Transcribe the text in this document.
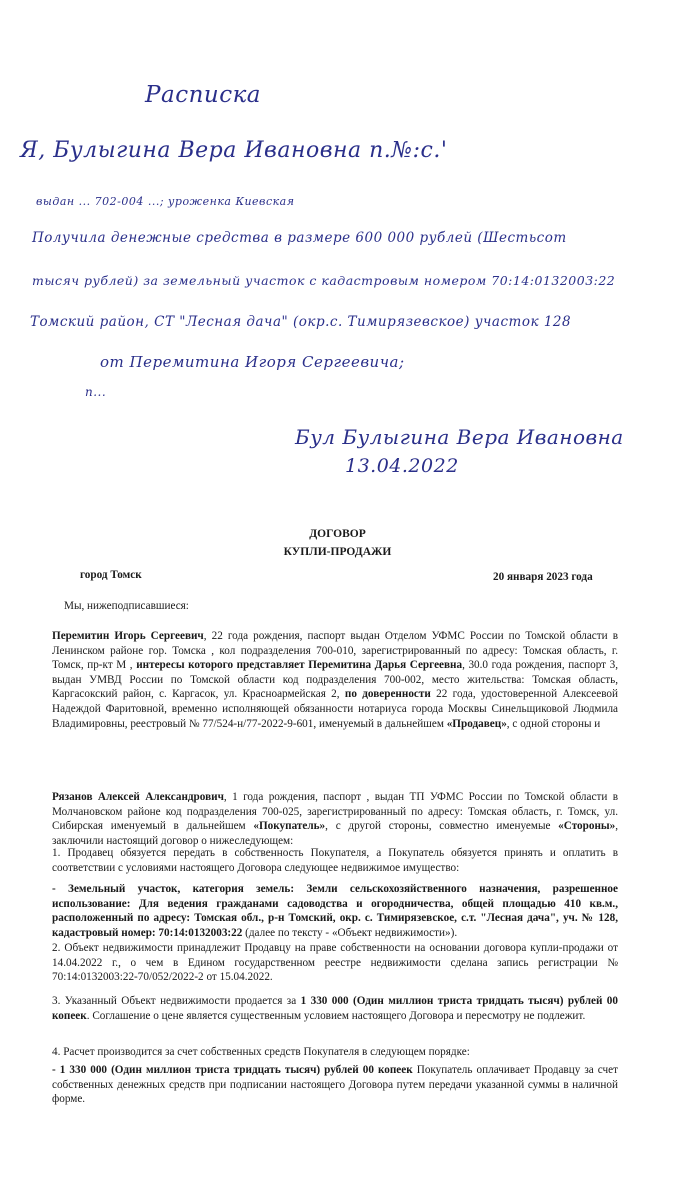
Расписка
Я, Булыгина Вера Ивановна п.№:с.'
выдан ... 702-004 ...; уроженка Киевская
Получила денежные средства в размере 600 000 рублей (Шестьсот
тысяч рублей) за земельный участок с кадастровым номером 70:14:0132003:22
Томский район, СТ "Лесная дача" (окр.с. Тимирязевское) участок 128
от Перемитина Игоря Сергеевича;
п...
Бул Булыгина Вера Ивановна
13.04.2022
ДОГОВОР
КУПЛИ-ПРОДАЖИ
город Томск	20 января 2023 года
Мы, нижеподписавшиеся:
Перемитин Игорь Сергеевич, 22 года рождения, паспорт выдан Отделом УФМС России по Томской области в Ленинском районе гор. Томска , кол подразделения 700-010, зарегистрированный по адресу: Томская область, г. Томск, пр-кт М , интересы которого представляет Перемитина Дарья Сергеевна, 30.0 года рождения, паспорт 3, выдан УМВД России по Томской области код подразделения 700-002, место жительства: Томская область, Каргасокский район, с. Каргасок, ул. Красноармейская 2, по доверенности 22 года, удостоверенной Алексеевой Надеждой Фаритовной, временно исполняющей обязанности нотариуса города Москвы Синельщиковой Людмила Владимировны, реестровый № 77/524-н/77-2022-9-601, именуемый в дальнейшем «Продавец», с одной стороны и
Рязанов Алексей Александрович, 1 года рождения, паспорт , выдан ТП УФМС России по Томской области в Молчановском районе код подразделения 700-025, зарегистрированный по адресу: Томская область, г. Томск, ул. Сибирская именуемый в дальнейшем «Покупатель», с другой стороны, совместно именуемые «Стороны», заключили настоящий договор о нижеследующем:
1. Продавец обязуется передать в собственность Покупателя, а Покупатель обязуется принять и оплатить в соответствии с условиями настоящего Договора следующее недвижимое имущество:
- Земельный участок, категория земель: Земли сельскохозяйственного назначения, разрешенное использование: Для ведения гражданами садоводства и огородничества, общей площадью 410 кв.м., расположенный по адресу: Томская обл., р-н Томский, окр. с. Тимирязевское, с.т. "Лесная дача", уч. № 128, кадастровый номер: 70:14:0132003:22 (далее по тексту - «Объект недвижимости»).
2. Объект недвижимости принадлежит Продавцу на праве собственности на основании договора купли-продажи от 14.04.2022 г., о чем в Едином государственном реестре недвижимости сделана запись регистрации № 70:14:0132003:22-70/052/2022-2 от 15.04.2022.
3. Указанный Объект недвижимости продается за 1 330 000 (Один миллион триста тридцать тысяч) рублей 00 копеек. Соглашение о цене является существенным условием настоящего Договора и пересмотру не подлежит.
4. Расчет производится за счет собственных средств Покупателя в следующем порядке:
- 1 330 000 (Один миллион триста тридцать тысяч) рублей 00 копеек Покупатель оплачивает Продавцу за счет собственных денежных средств при подписании настоящего Договора путем передачи указанной суммы в наличной форме.
